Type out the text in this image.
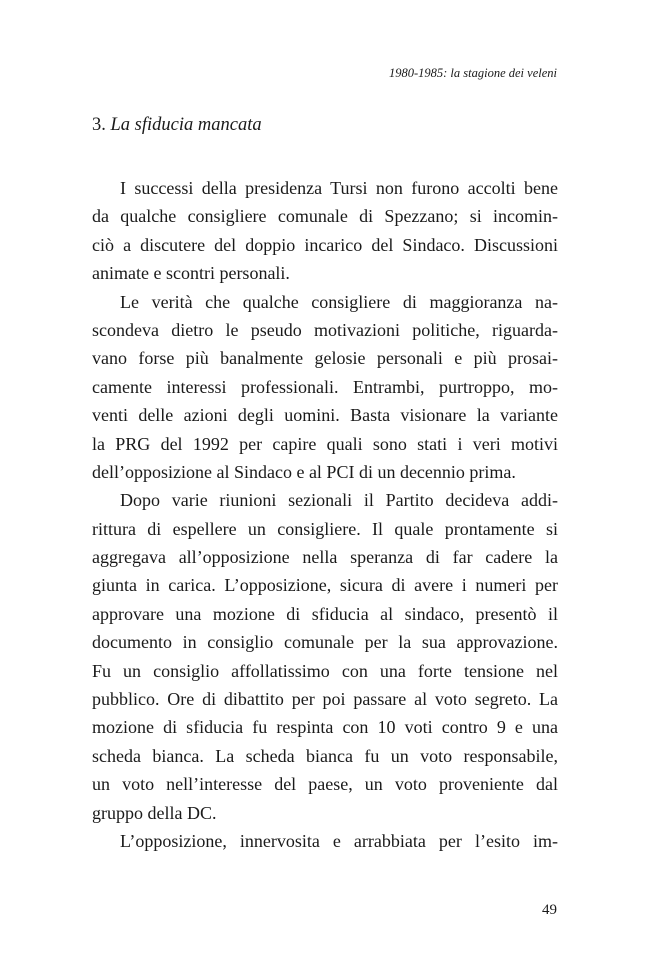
1980-1985: la stagione dei veleni
3. La sfiducia mancata
I successi della presidenza Tursi non furono accolti bene
da qualche consigliere comunale di Spezzano; si incomin-
ciò a discutere del doppio incarico del Sindaco. Discussioni
animate e scontri personali.
Le verità che qualche consigliere di maggioranza na-
scondeva dietro le pseudo motivazioni politiche, riguarda-
vano forse più banalmente gelosie personali e più prosai-
camente interessi professionali. Entrambi, purtroppo, mo-
venti delle azioni degli uomini. Basta visionare la variante
la PRG del 1992 per capire quali sono stati i veri motivi
dell’opposizione al Sindaco e al PCI di un decennio prima.
Dopo varie riunioni sezionali il Partito decideva addi-
rittura di espellere un consigliere. Il quale prontamente si
aggregava all’opposizione nella speranza di far cadere la
giunta in carica. L’opposizione, sicura di avere i numeri per
approvare una mozione di sfiducia al sindaco, presentò il
documento in consiglio comunale per la sua approvazione.
Fu un consiglio affollatissimo con una forte tensione nel
pubblico. Ore di dibattito per poi passare al voto segreto. La
mozione di sfiducia fu respinta con 10 voti contro 9 e una
scheda bianca. La scheda bianca fu un voto responsabile,
un voto nell’interesse del paese, un voto proveniente dal
gruppo della DC.
L’opposizione, innervosita e arrabbiata per l’esito im-
49
